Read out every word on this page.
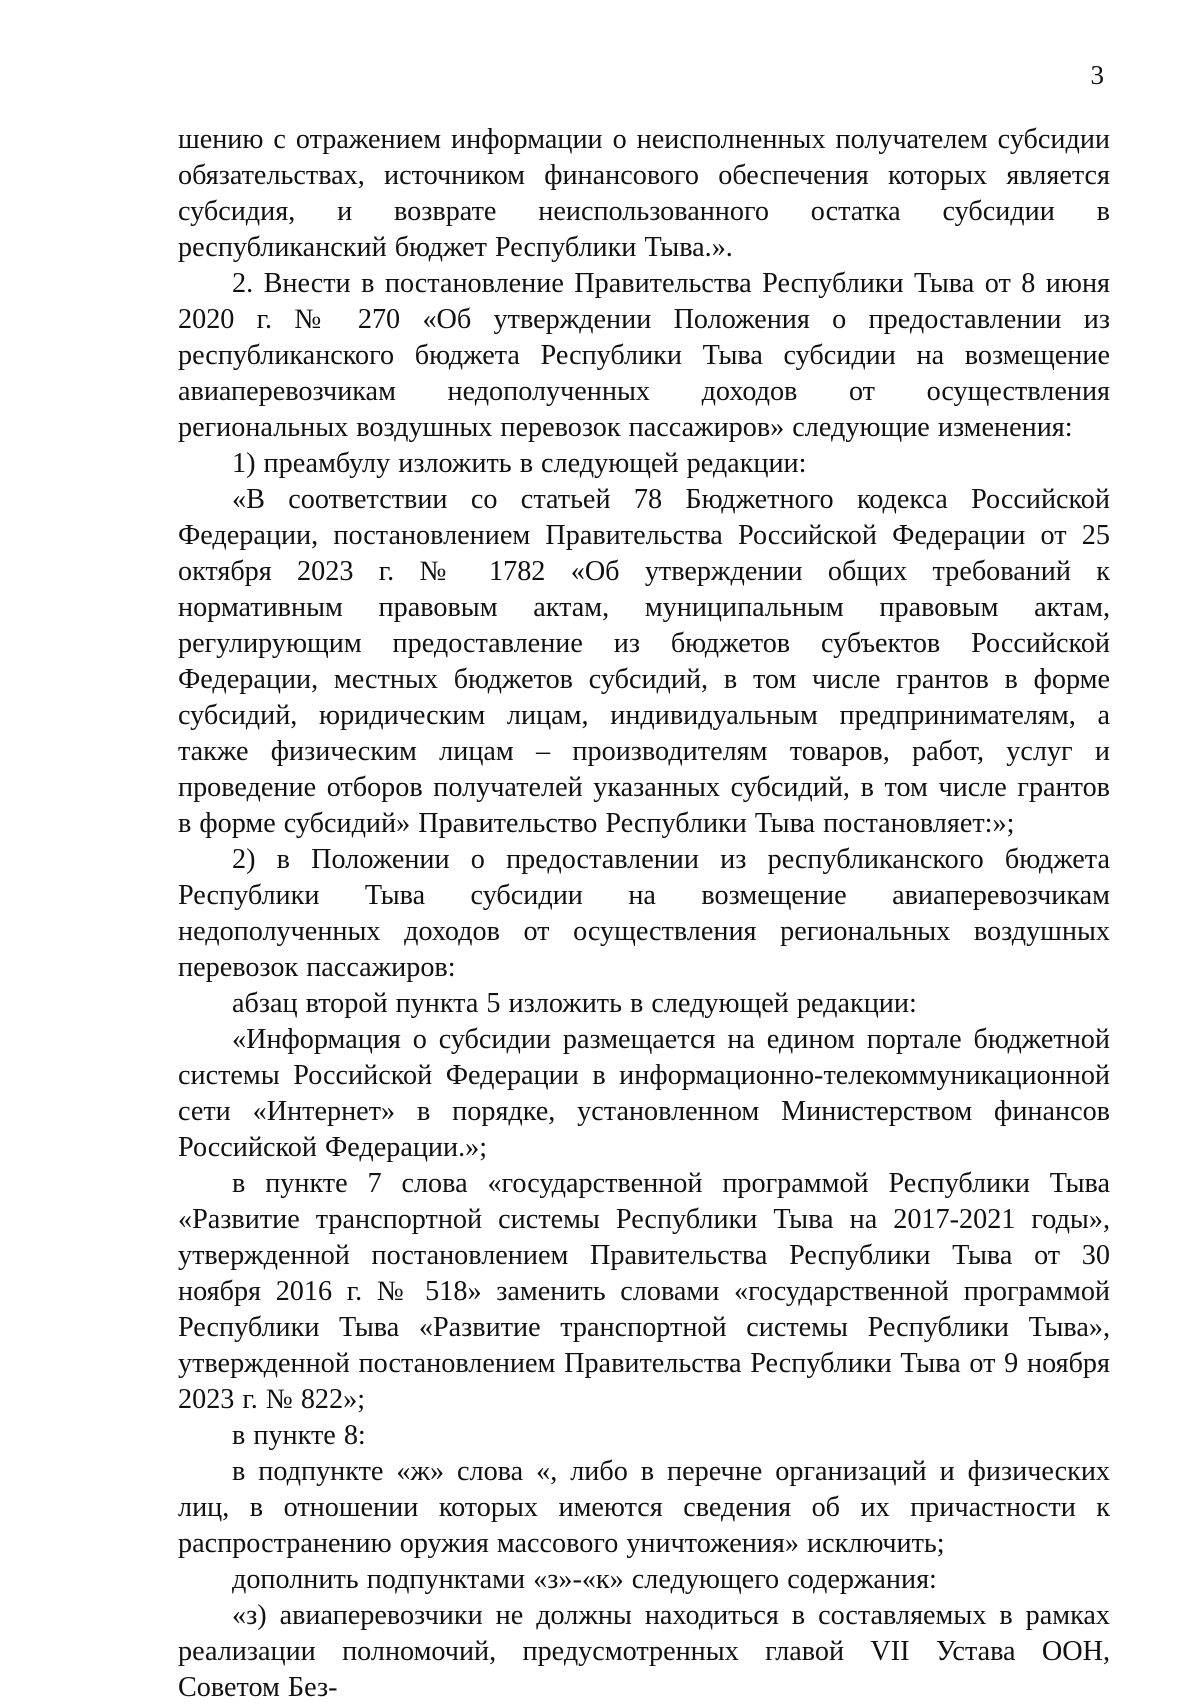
3

шению с отражением информации о неисполненных получателем субсидии обязательствах, источником финансового обеспечения которых является субсидия, и возврате неиспользованного остатка субсидии в республиканский бюджет Республики Тыва.».

2. Внести в постановление Правительства Республики Тыва от 8 июня 2020 г. № 270 «Об утверждении Положения о предоставлении из республиканского бюджета Республики Тыва субсидии на возмещение авиаперевозчикам недополученных доходов от осуществления региональных воздушных перевозок пассажиров» следующие изменения:

1) преамбулу изложить в следующей редакции:

«В соответствии со статьей 78 Бюджетного кодекса Российской Федерации, постановлением Правительства Российской Федерации от 25 октября 2023 г. № 1782 «Об утверждении общих требований к нормативным правовым актам, муниципальным правовым актам, регулирующим предоставление из бюджетов субъектов Российской Федерации, местных бюджетов субсидий, в том числе грантов в форме субсидий, юридическим лицам, индивидуальным предпринимателям, а также физическим лицам – производителям товаров, работ, услуг и проведение отборов получателей указанных субсидий, в том числе грантов в форме субсидий» Правительство Республики Тыва постановляет:»;

2) в Положении о предоставлении из республиканского бюджета Республики Тыва субсидии на возмещение авиаперевозчикам недополученных доходов от осуществления региональных воздушных перевозок пассажиров:

абзац второй пункта 5 изложить в следующей редакции:

«Информация о субсидии размещается на едином портале бюджетной системы Российской Федерации в информационно-телекоммуникационной сети «Интернет» в порядке, установленном Министерством финансов Российской Федерации.»;

в пункте 7 слова «государственной программой Республики Тыва «Развитие транспортной системы Республики Тыва на 2017-2021 годы», утвержденной постановлением Правительства Республики Тыва от 30 ноября 2016 г. № 518» заменить словами «государственной программой Республики Тыва «Развитие транспортной системы Республики Тыва», утвержденной постановлением Правительства Республики Тыва от 9 ноября 2023 г. № 822»;

в пункте 8:

в подпункте «ж» слова «, либо в перечне организаций и физических лиц, в отношении которых имеются сведения об их причастности к распространению оружия массового уничтожения» исключить;

дополнить подпунктами «з»-«к» следующего содержания:

«з) авиаперевозчики не должны находиться в составляемых в рамках реализации полномочий, предусмотренных главой VII Устава ООН, Советом Без-
